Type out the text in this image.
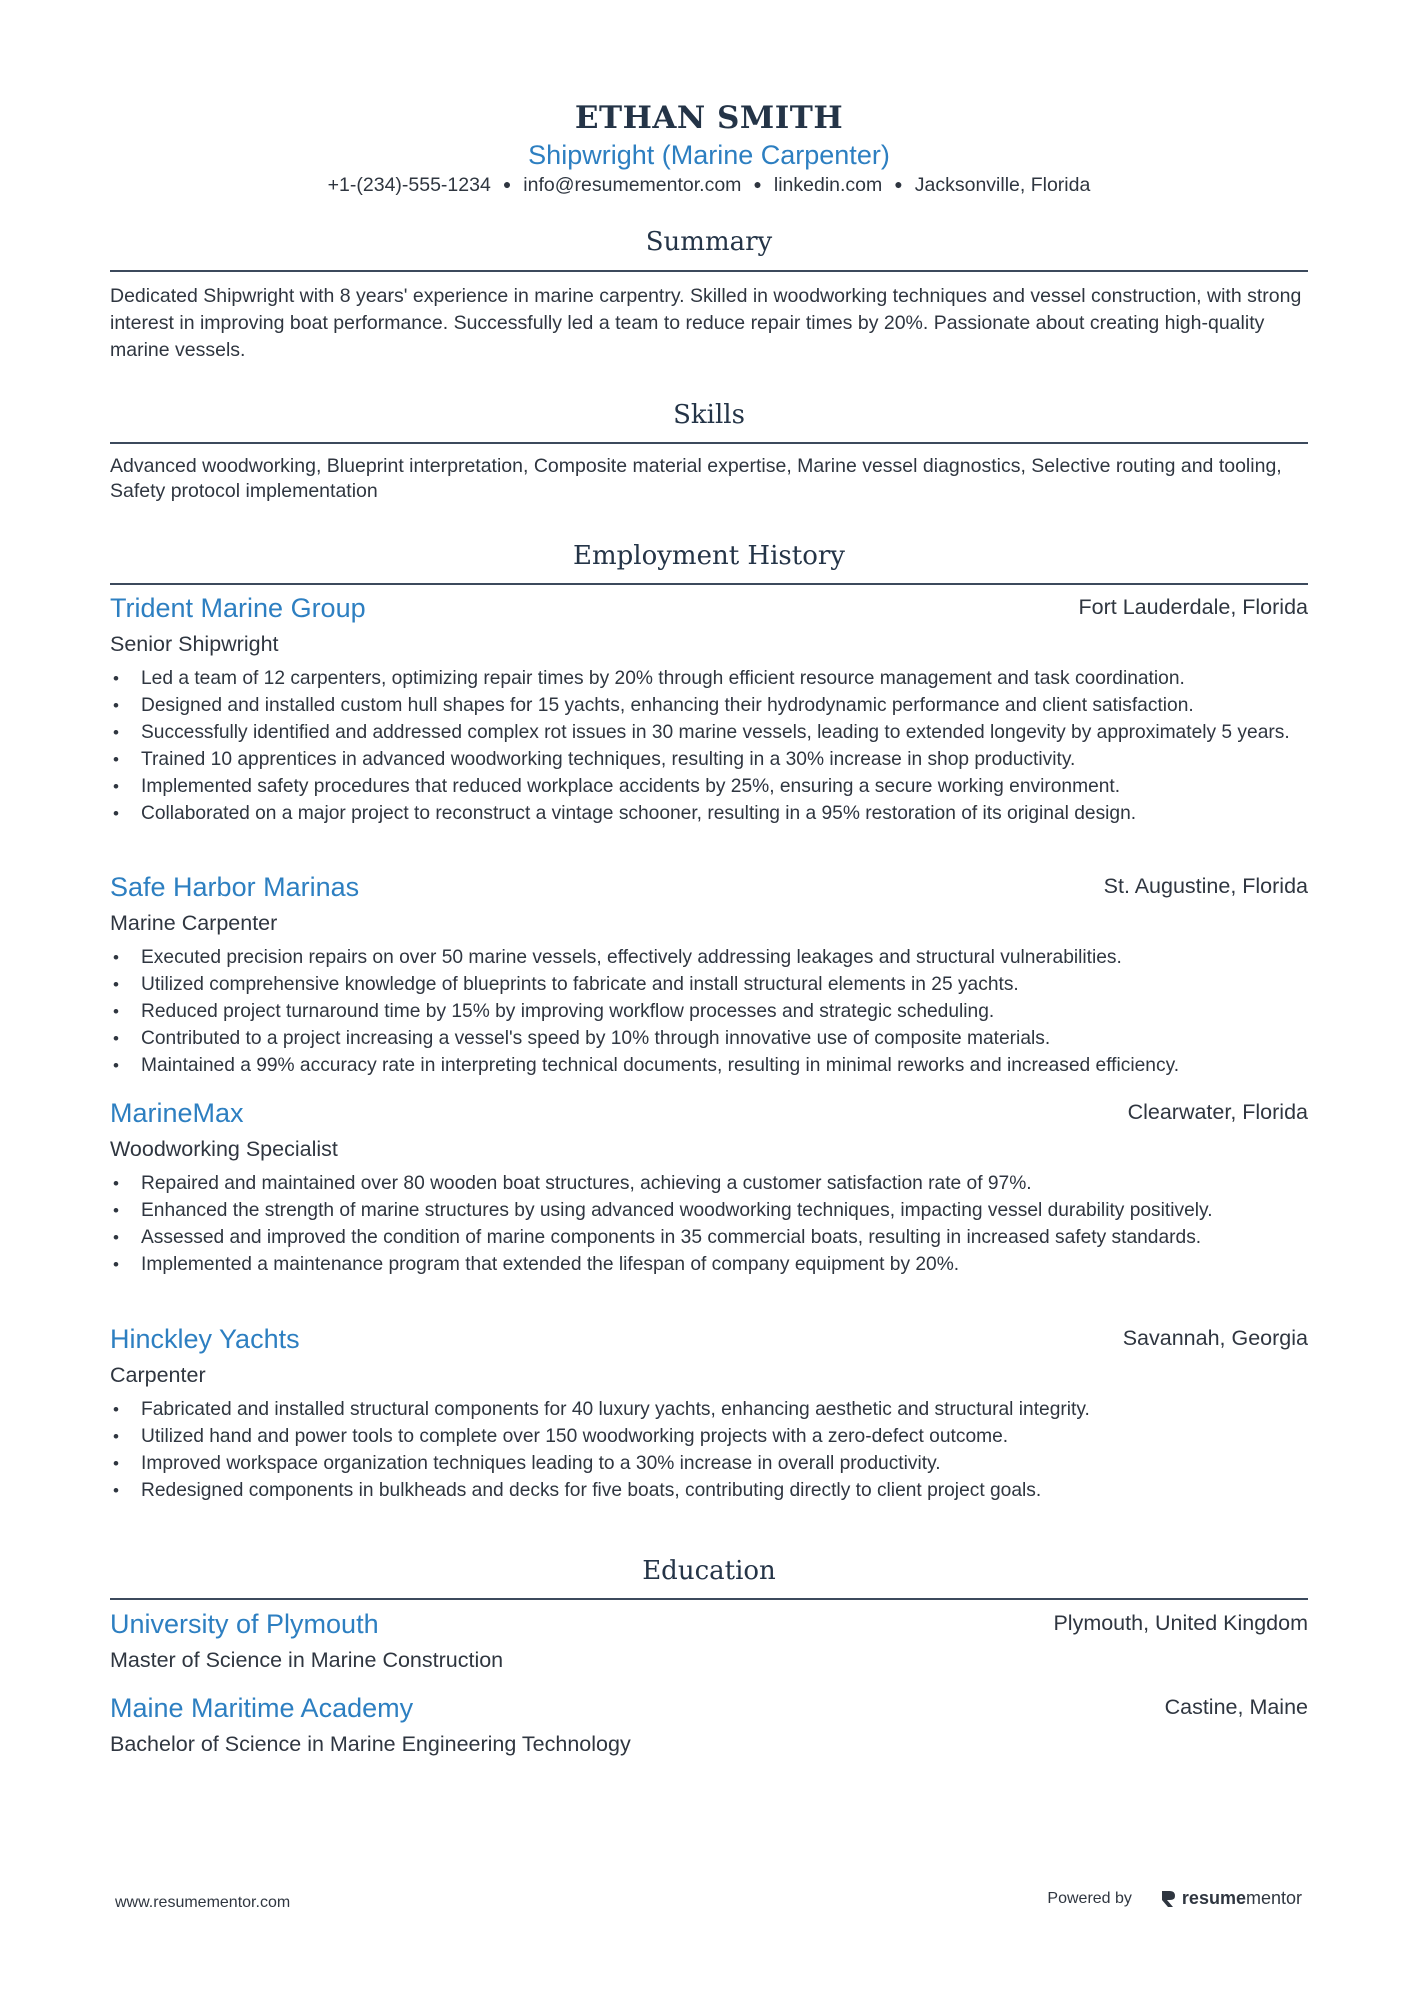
ETHAN SMITH
Shipwright (Marine Carpenter)
+1-(234)-555-1234 ● info@resumementor.com ● linkedin.com ● Jacksonville, Florida
Summary
Dedicated Shipwright with 8 years' experience in marine carpentry. Skilled in woodworking techniques and vessel construction, with strong interest in improving boat performance. Successfully led a team to reduce repair times by 20%. Passionate about creating high-quality marine vessels.
Skills
Advanced woodworking, Blueprint interpretation, Composite material expertise, Marine vessel diagnostics, Selective routing and tooling, Safety protocol implementation
Employment History
Trident Marine Group	Fort Lauderdale, Florida
Senior Shipwright
• Led a team of 12 carpenters, optimizing repair times by 20% through efficient resource management and task coordination.
• Designed and installed custom hull shapes for 15 yachts, enhancing their hydrodynamic performance and client satisfaction.
• Successfully identified and addressed complex rot issues in 30 marine vessels, leading to extended longevity by approximately 5 years.
• Trained 10 apprentices in advanced woodworking techniques, resulting in a 30% increase in shop productivity.
• Implemented safety procedures that reduced workplace accidents by 25%, ensuring a secure working environment.
• Collaborated on a major project to reconstruct a vintage schooner, resulting in a 95% restoration of its original design.
Safe Harbor Marinas	St. Augustine, Florida
Marine Carpenter
• Executed precision repairs on over 50 marine vessels, effectively addressing leakages and structural vulnerabilities.
• Utilized comprehensive knowledge of blueprints to fabricate and install structural elements in 25 yachts.
• Reduced project turnaround time by 15% by improving workflow processes and strategic scheduling.
• Contributed to a project increasing a vessel's speed by 10% through innovative use of composite materials.
• Maintained a 99% accuracy rate in interpreting technical documents, resulting in minimal reworks and increased efficiency.
MarineMax	Clearwater, Florida
Woodworking Specialist
• Repaired and maintained over 80 wooden boat structures, achieving a customer satisfaction rate of 97%.
• Enhanced the strength of marine structures by using advanced woodworking techniques, impacting vessel durability positively.
• Assessed and improved the condition of marine components in 35 commercial boats, resulting in increased safety standards.
• Implemented a maintenance program that extended the lifespan of company equipment by 20%.
Hinckley Yachts	Savannah, Georgia
Carpenter
• Fabricated and installed structural components for 40 luxury yachts, enhancing aesthetic and structural integrity.
• Utilized hand and power tools to complete over 150 woodworking projects with a zero-defect outcome.
• Improved workspace organization techniques leading to a 30% increase in overall productivity.
• Redesigned components in bulkheads and decks for five boats, contributing directly to client project goals.
Education
University of Plymouth	Plymouth, United Kingdom
Master of Science in Marine Construction
Maine Maritime Academy	Castine, Maine
Bachelor of Science in Marine Engineering Technology
www.resumementor.com	Powered by	resume mentor
